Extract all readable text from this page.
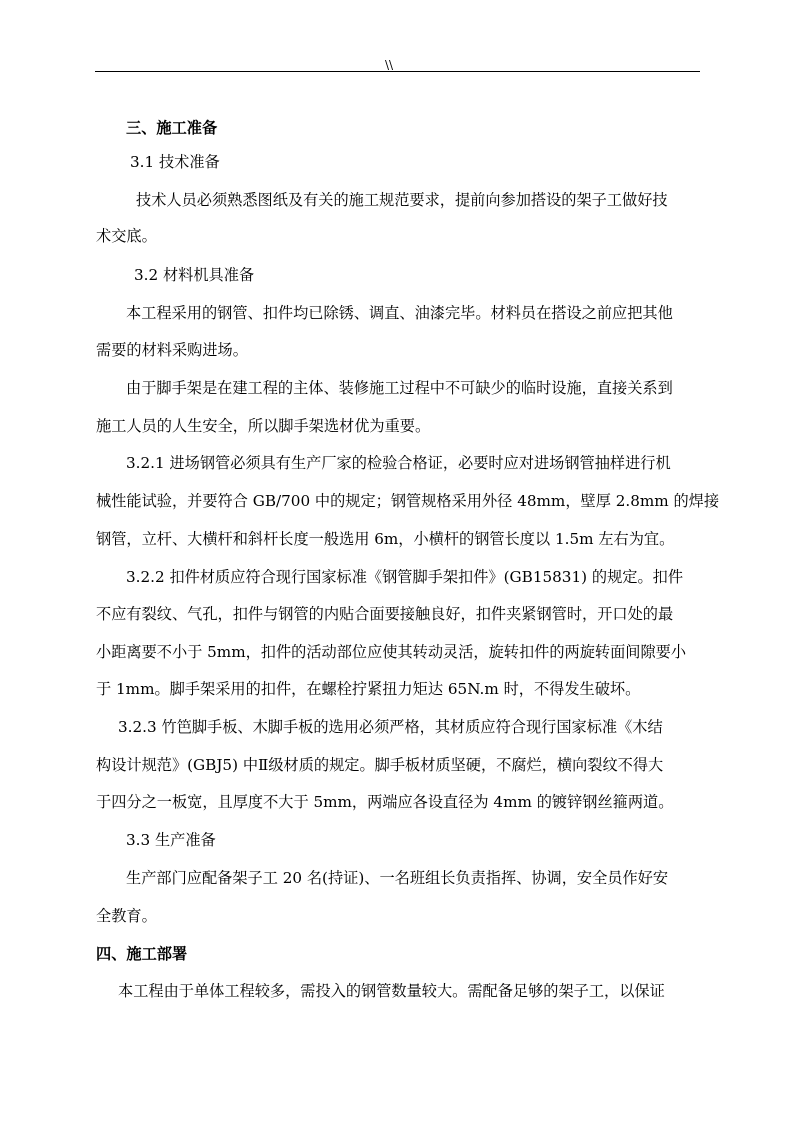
\\
三、施工准备
3.1 技术准备
技术人员必须熟悉图纸及有关的施工规范要求，提前向参加搭设的架子工做好技
术交底。
3.2 材料机具准备
本工程采用的钢管、扣件均已除锈、调直、油漆完毕。材料员在搭设之前应把其他
需要的材料采购进场。
由于脚手架是在建工程的主体、装修施工过程中不可缺少的临时设施，直接关系到
施工人员的人生安全，所以脚手架选材优为重要。
3.2.1 进场钢管必须具有生产厂家的检验合格证，必要时应对进场钢管抽样进行机
械性能试验，并要符合 GB/700 中的规定；钢管规格采用外径 48mm，壁厚 2.8mm 的焊接
钢管，立杆、大横杆和斜杆长度一般选用 6m，小横杆的钢管长度以 1.5m 左右为宜。
3.2.2 扣件材质应符合现行国家标准《钢管脚手架扣件》(GB15831) 的规定。扣件
不应有裂纹、气孔，扣件与钢管的内贴合面要接触良好，扣件夹紧钢管时，开口处的最
小距离要不小于 5mm，扣件的活动部位应使其转动灵活，旋转扣件的两旋转面间隙要小
于 1mm。脚手架采用的扣件，在螺栓拧紧扭力矩达 65N.m 时，不得发生破坏。
3.2.3 竹笆脚手板、木脚手板的选用必须严格，其材质应符合现行国家标准《木结
构设计规范》(GBJ5) 中Ⅱ级材质的规定。脚手板材质坚硬，不腐烂，横向裂纹不得大
于四分之一板宽，且厚度不大于 5mm，两端应各设直径为 4mm 的镀锌钢丝箍两道。
3.3 生产准备
生产部门应配备架子工 20 名(持证)、一名班组长负责指挥、协调，安全员作好安
全教育。
四、施工部署
本工程由于单体工程较多，需投入的钢管数量较大。需配备足够的架子工，以保证
